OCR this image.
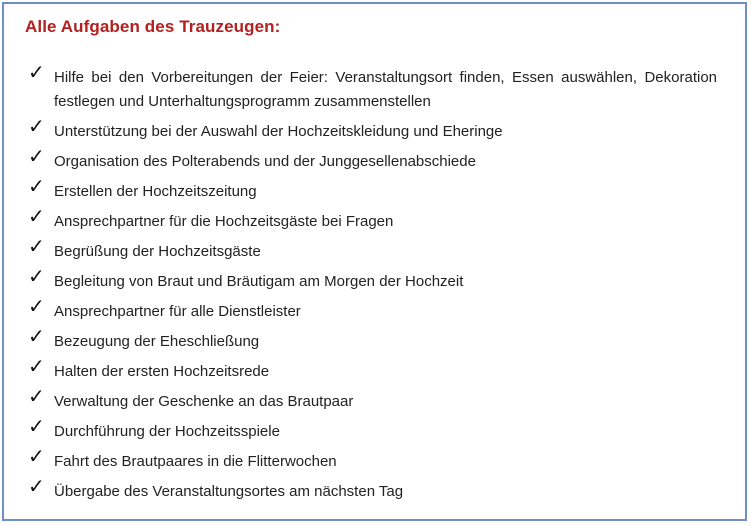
Alle Aufgaben des Trauzeugen:
✓ Hilfe bei den Vorbereitungen der Feier: Veranstaltungsort finden, Essen auswählen, Dekoration festlegen und Unterhaltungsprogramm zusammenstellen
✓ Unterstützung bei der Auswahl der Hochzeitskleidung und Eheringe
✓ Organisation des Polterabends und der Junggesellenabschiede
✓ Erstellen der Hochzeitszeitung
✓ Ansprechpartner für die Hochzeitsgäste bei Fragen
✓ Begrüßung der Hochzeitsgäste
✓ Begleitung von Braut und Bräutigam am Morgen der Hochzeit
✓ Ansprechpartner für alle Dienstleister
✓ Bezeugung der Eheschließung
✓ Halten der ersten Hochzeitsrede
✓ Verwaltung der Geschenke an das Brautpaar
✓ Durchführung der Hochzeitsspiele
✓ Fahrt des Brautpaares in die Flitterwochen
✓ Übergabe des Veranstaltungsortes am nächsten Tag
